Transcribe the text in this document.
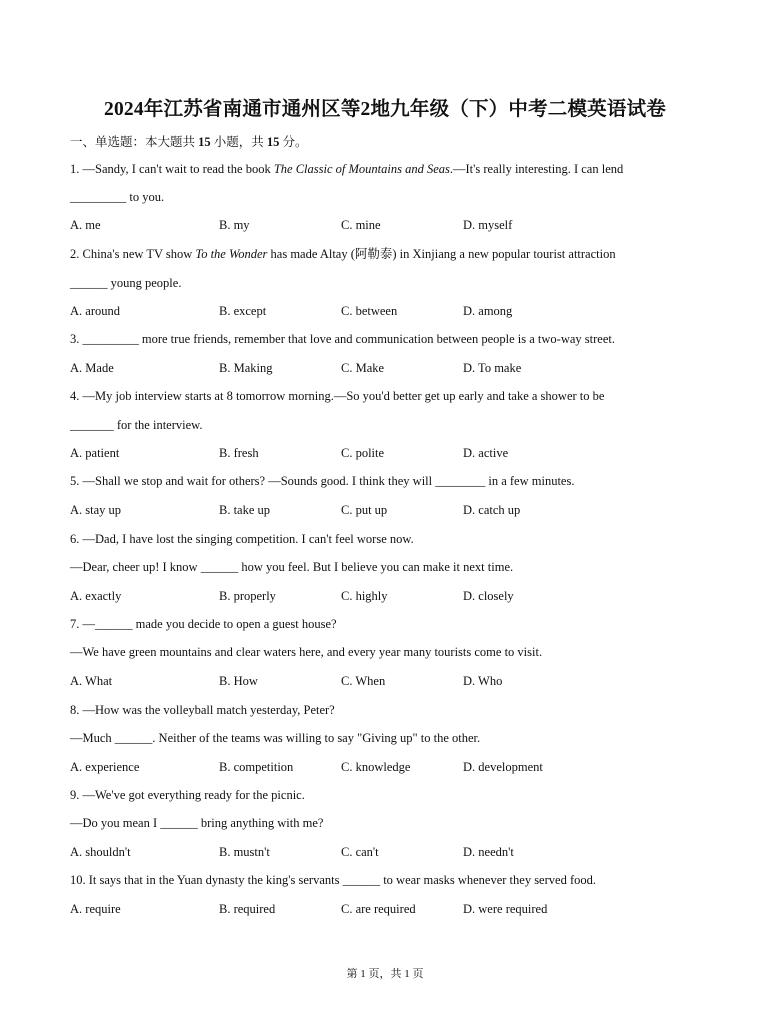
2024年江苏省南通市通州区等2地九年级（下）中考二模英语试卷
一、单选题：本大题共 15 小题，共 15 分。
1. —Sandy, I can't wait to read the book The Classic of Mountains and Seas.—It's really interesting. I can lend
_________ to you.
A. me	B. my	C. mine	D. myself
2. China's new TV show To the Wonder has made Altay (阿勒泰) in Xinjiang a new popular tourist attraction
______ young people.
A. around	B. except	C. between	D. among
3. _________ more true friends, remember that love and communication between people is a two-way street.
A. Made	B. Making	C. Make	D. To make
4. —My job interview starts at 8 tomorrow morning.—So you'd better get up early and take a shower to be
_______ for the interview.
A. patient	B. fresh	C. polite	D. active
5. —Shall we stop and wait for others? —Sounds good. I think they will ________ in a few minutes.
A. stay up	B. take up	C. put up	D. catch up
6. —Dad, I have lost the singing competition. I can't feel worse now.
—Dear, cheer up! I know ______ how you feel. But I believe you can make it next time.
A. exactly	B. properly	C. highly	D. closely
7. —______ made you decide to open a guest house?
—We have green mountains and clear waters here, and every year many tourists come to visit.
A. What	B. How	C. When	D. Who
8. —How was the volleyball match yesterday, Peter?
—Much ______. Neither of the teams was willing to say "Giving up" to the other.
A. experience	B. competition	C. knowledge	D. development
9. —We've got everything ready for the picnic.
—Do you mean I ______ bring anything with me?
A. shouldn't	B. mustn't	C. can't	D. needn't
10. It says that in the Yuan dynasty the king's servants ______ to wear masks whenever they served food.
A. require	B. required	C. are required	D. were required
第 1 页，共 1 页
